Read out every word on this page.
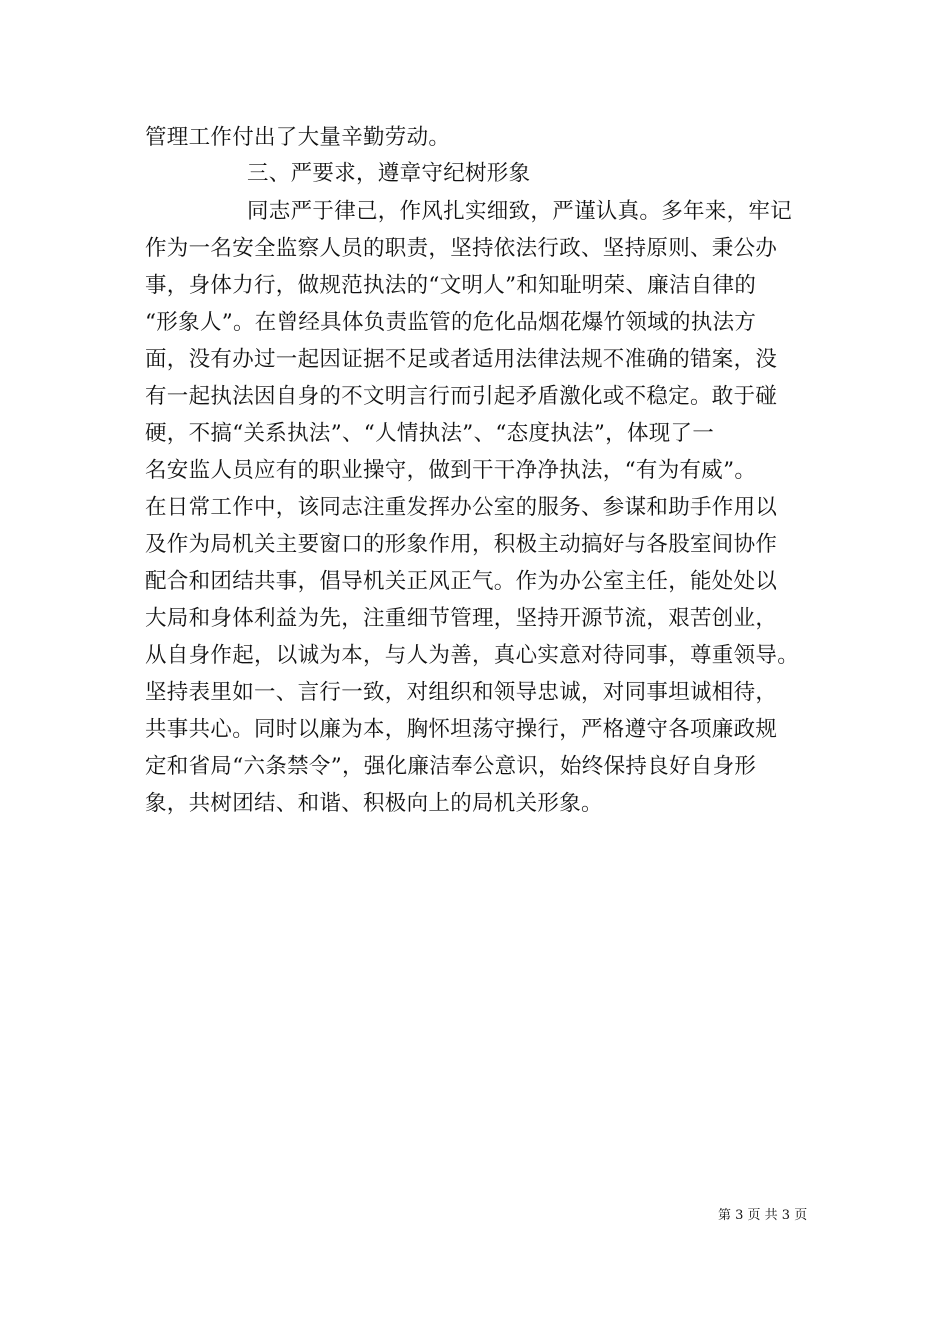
管理工作付出了大量辛勤劳动。
三、严要求，遵章守纪树形象
同志严于律己，作风扎实细致，严谨认真。多年来，牢记
作为一名安全监察人员的职责，坚持依法行政、坚持原则、秉公办
事，身体力行，做规范执法的“文明人”和知耻明荣、廉洁自律的
“形象人”。在曾经具体负责监管的危化品烟花爆竹领域的执法方
面，没有办过一起因证据不足或者适用法律法规不准确的错案，没
有一起执法因自身的不文明言行而引起矛盾激化或不稳定。敢于碰
硬，不搞“关系执法”、“人情执法”、“态度执法”，体现了一
名安监人员应有的职业操守，做到干干净净执法，“有为有威”。
在日常工作中，该同志注重发挥办公室的服务、参谋和助手作用以
及作为局机关主要窗口的形象作用，积极主动搞好与各股室间协作
配合和团结共事，倡导机关正风正气。作为办公室主任，能处处以
大局和身体利益为先，注重细节管理，坚持开源节流，艰苦创业，
从自身作起，以诚为本，与人为善，真心实意对待同事，尊重领导。
坚持表里如一、言行一致，对组织和领导忠诚，对同事坦诚相待，
共事共心。同时以廉为本，胸怀坦荡守操行，严格遵守各项廉政规
定和省局“六条禁令”，强化廉洁奉公意识，始终保持良好自身形
象，共树团结、和谐、积极向上的局机关形象。
第 3 页 共 3 页
